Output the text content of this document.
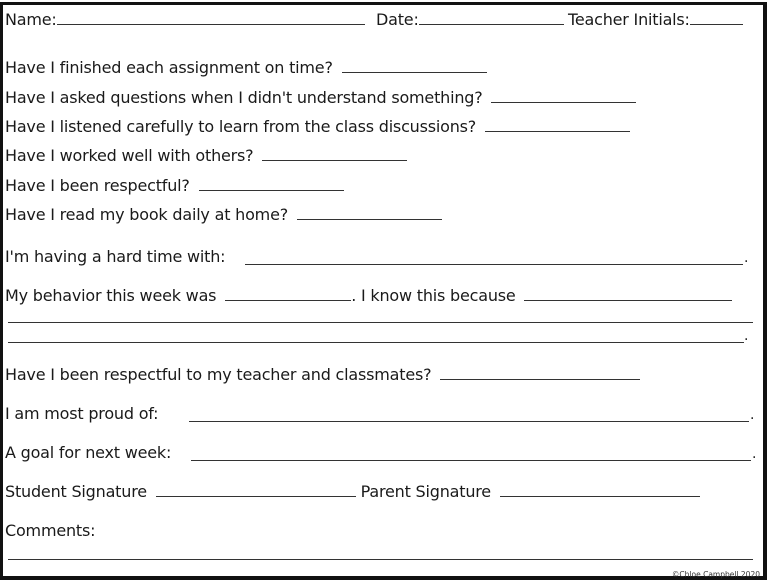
Name:	Date:	Teacher Initials:
Have I finished each assignment on time?
Have I asked questions when I didn't understand something?
Have I listened carefully to learn from the class discussions?
Have I worked well with others?
Have I been respectful?
Have I read my book daily at home?
I'm having a hard time with:	.
My behavior this week was	. I know this because
.
Have I been respectful to my teacher and classmates?
I am most proud of:	.
A goal for next week:	.
Student Signature	Parent Signature
Comments:
©Chloe Campbell 2020
